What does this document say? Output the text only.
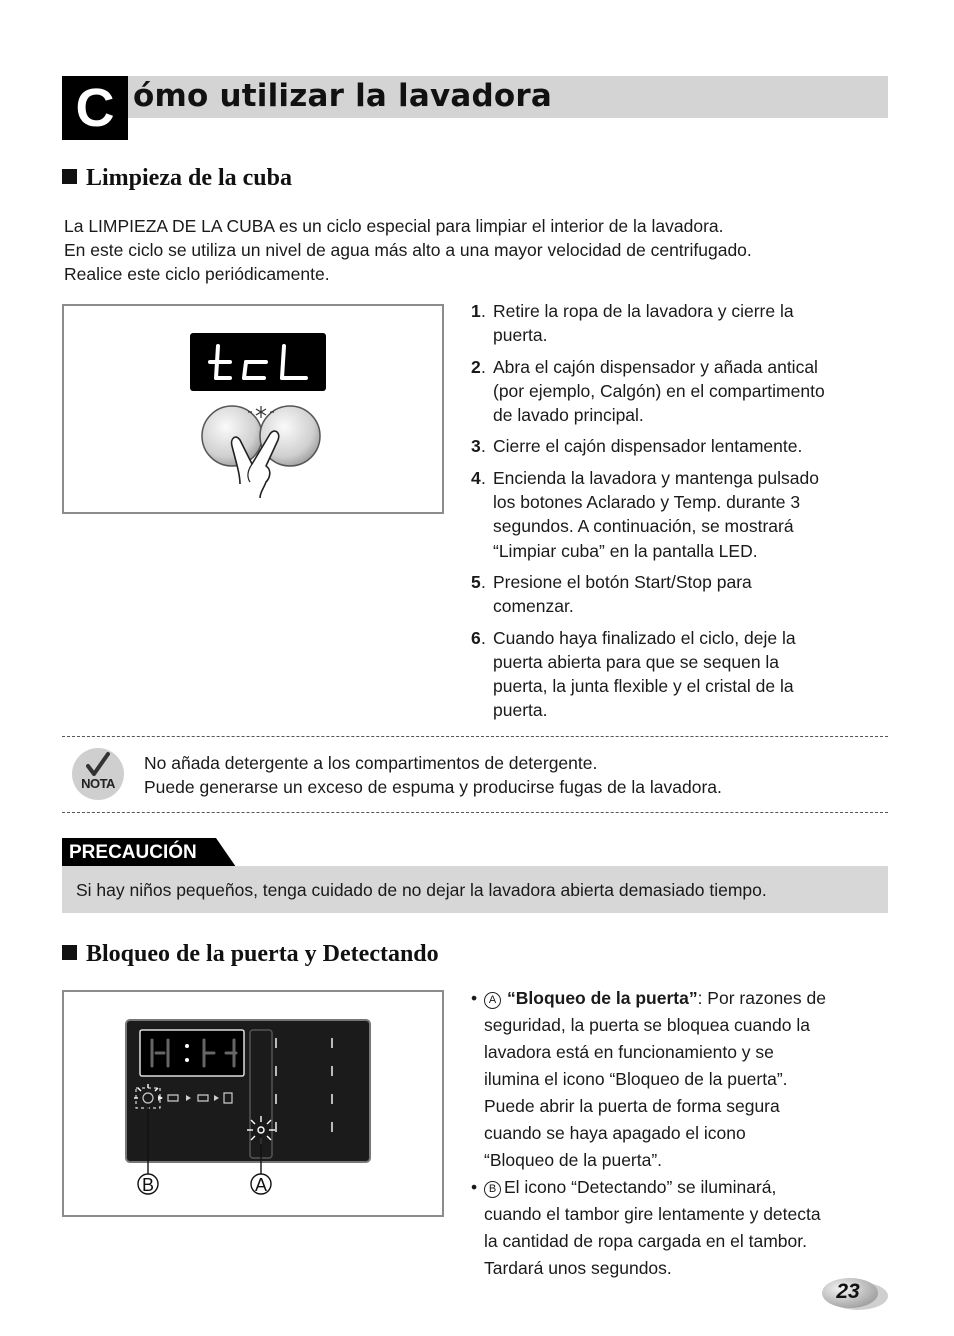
C ómo utilizar la lavadora
Limpieza de la cuba
La LIMPIEZA DE LA CUBA es un ciclo especial para limpiar el interior de la lavadora.
En este ciclo se utiliza un nivel de agua más alto a una mayor velocidad de centrifugado.
Realice este ciclo periódicamente.
tcL
1 . Retire la ropa de la lavadora y cierre la
puerta.
2 . Abra el cajón dispensador y añada antical
(por ejemplo, Calgón) en el compartimento
de lavado principal.
3 . Cierre el cajón dispensador lentamente.
4 . Encienda la lavadora y mantenga pulsado
los botones Aclarado y Temp. durante 3
segundos. A continuación, se mostrará
“Limpiar cuba” en la pantalla LED.
5 . Presione el botón Start/Stop para
comenzar.
6 . Cuando haya finalizado el ciclo, deje la
puerta abierta para que se sequen la
puerta, la junta flexible y el cristal de la
puerta.
NOTA
No añada detergente a los compartimentos de detergente.
Puede generarse un exceso de espuma y producirse fugas de la lavadora.
PRECAUCIÓN
Si hay niños pequeños, tenga cuidado de no dejar la lavadora abierta demasiado tiempo.
Bloqueo de la puerta y Detectando
-:--
B	A
•	A “Bloqueo de la puerta”: Por razones de
seguridad, la puerta se bloquea cuando la
lavadora está en funcionamiento y se
ilumina el icono “Bloqueo de la puerta”.
Puede abrir la puerta de forma segura
cuando se haya apagado el icono
“Bloqueo de la puerta”.
•	B El icono “Detectando” se iluminará,
cuando el tambor gire lentamente y detecta
la cantidad de ropa cargada en el tambor.
Tardará unos segundos.
23
